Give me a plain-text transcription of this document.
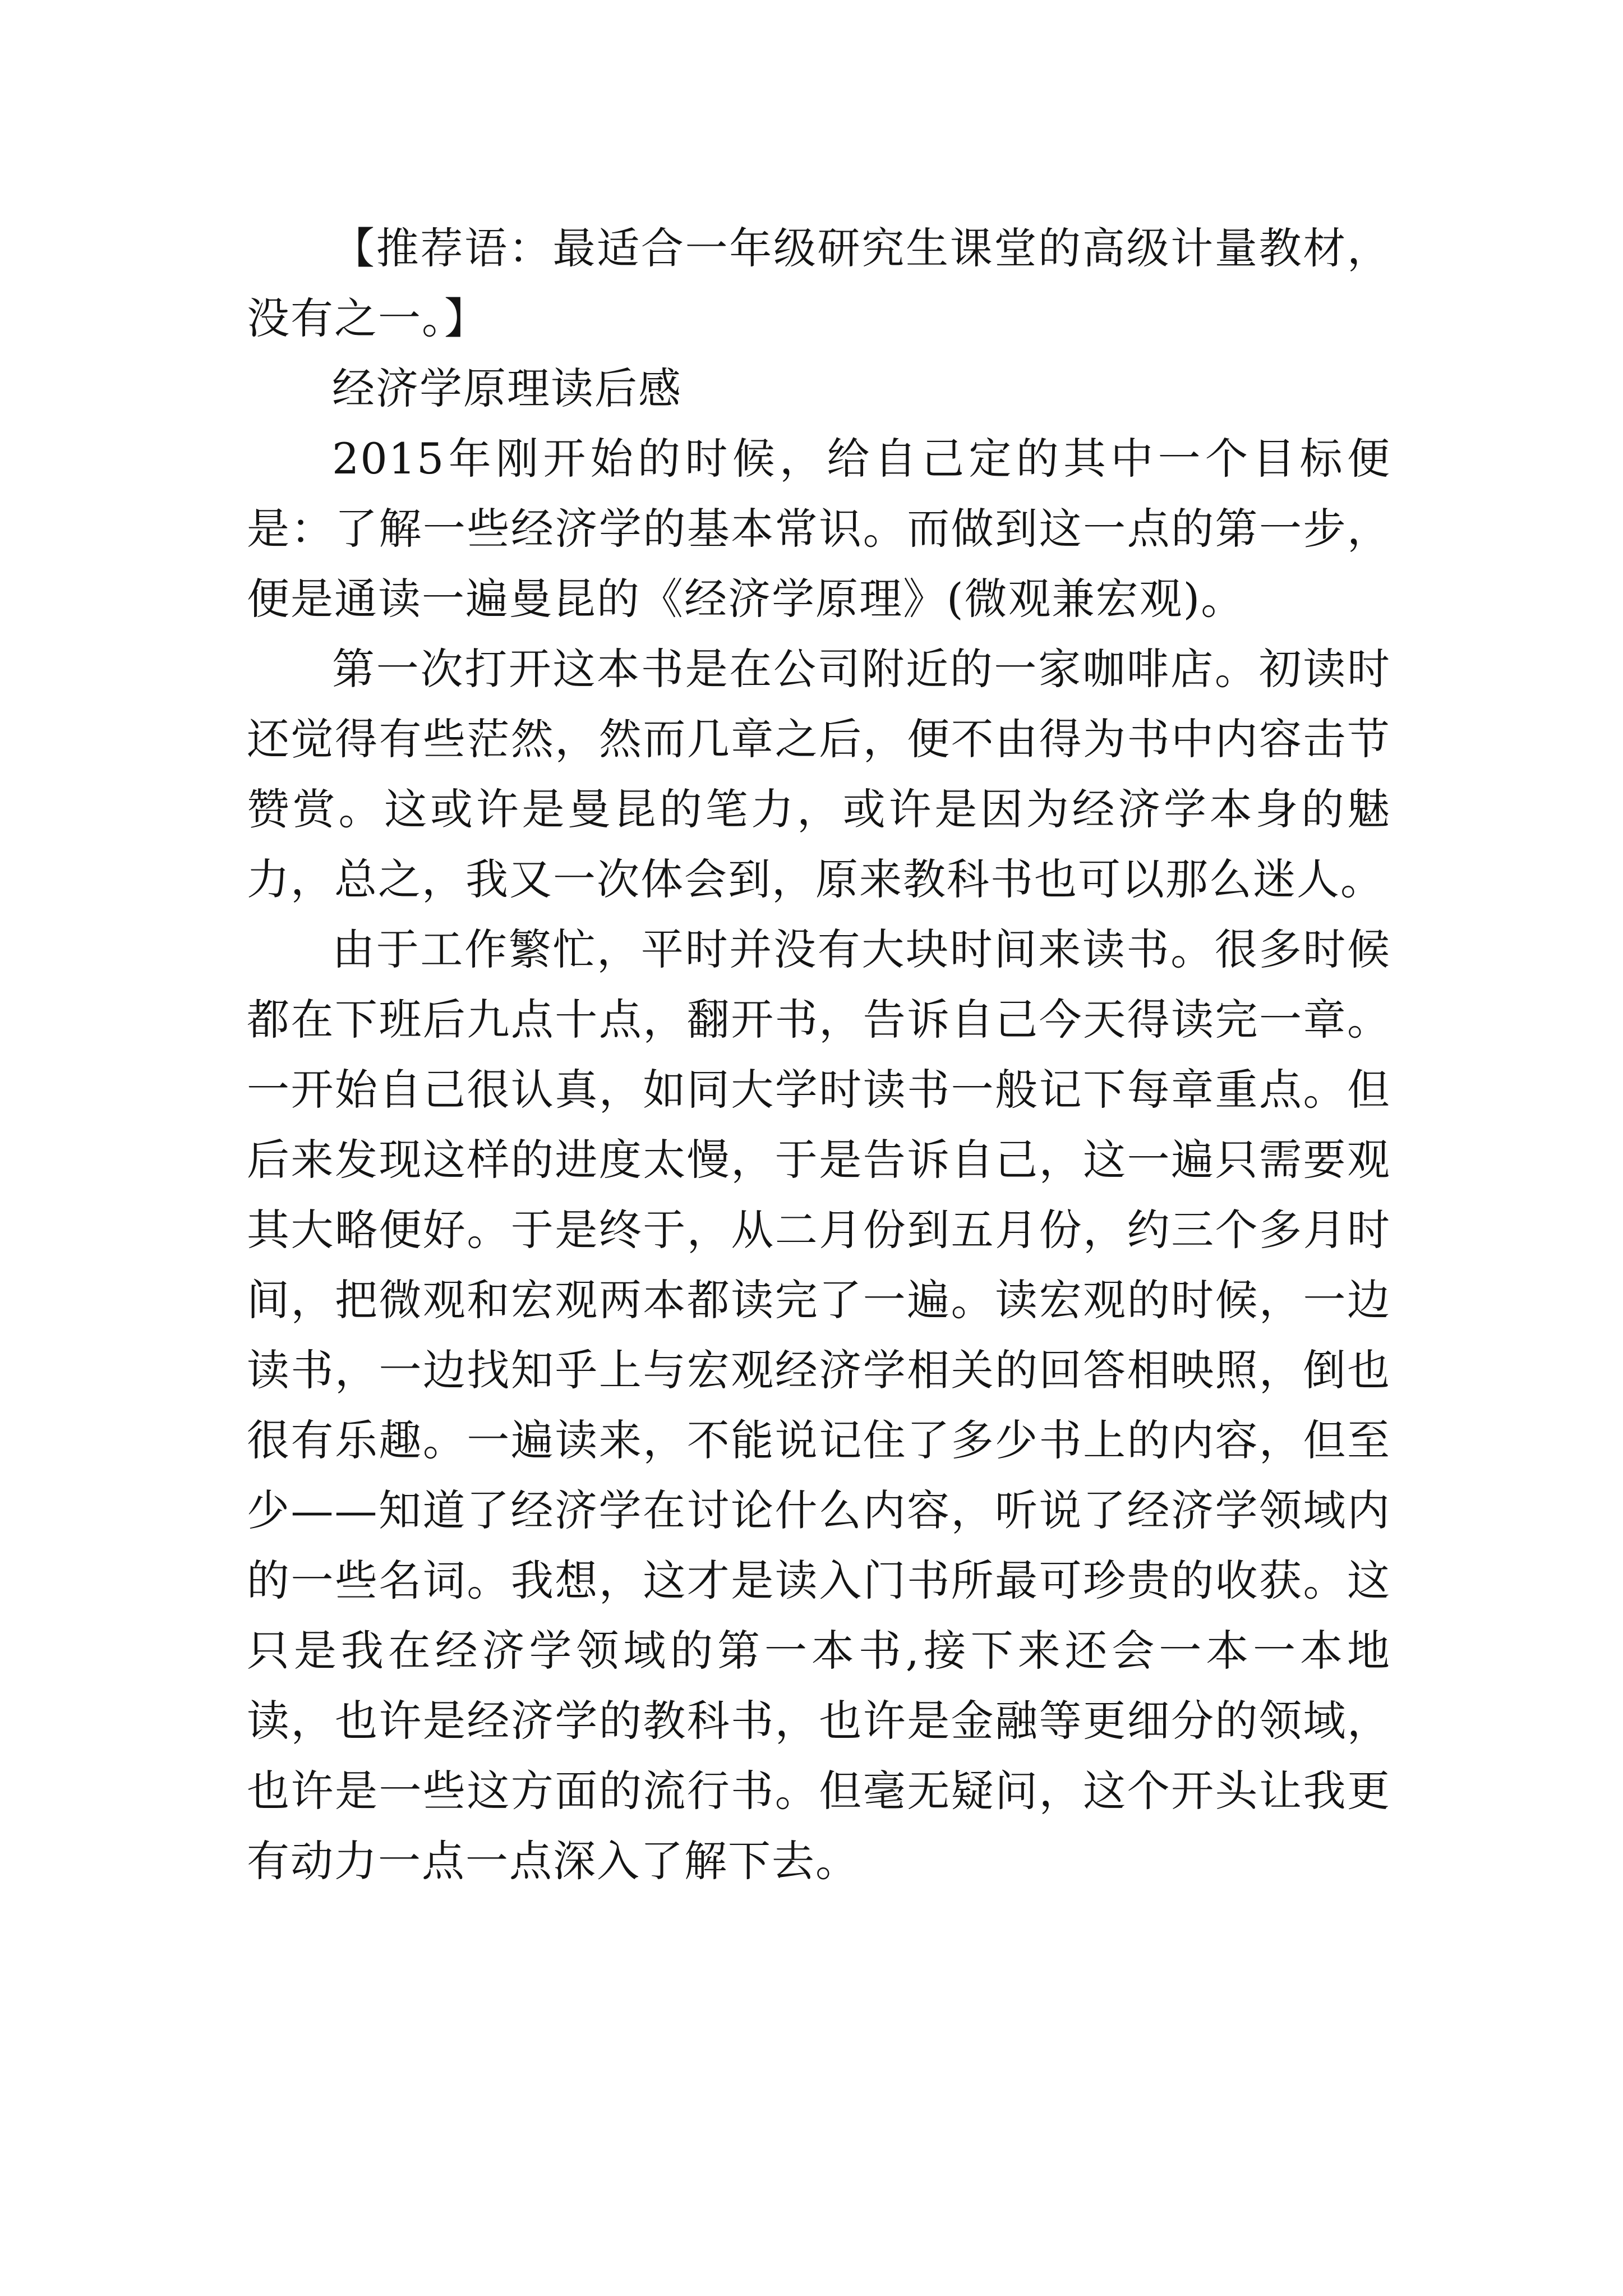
【推荐语：最适合一年级研究生课堂的高级计量教材，没有之一。】

经济学原理读后感

2015年刚开始的时候，给自己定的其中一个目标便是：了解一些经济学的基本常识。而做到这一点的第一步，便是通读一遍曼昆的《经济学原理》(微观兼宏观)。

第一次打开这本书是在公司附近的一家咖啡店。初读时还觉得有些茫然，然而几章之后，便不由得为书中内容击节赞赏。这或许是曼昆的笔力，或许是因为经济学本身的魅力，总之，我又一次体会到，原来教科书也可以那么迷人。

由于工作繁忙，平时并没有大块时间来读书。很多时候都在下班后九点十点，翻开书，告诉自己今天得读完一章。一开始自己很认真，如同大学时读书一般记下每章重点。但后来发现这样的进度太慢，于是告诉自己，这一遍只需要观其大略便好。于是终于，从二月份到五月份，约三个多月时间，把微观和宏观两本都读完了一遍。读宏观的时候，一边读书，一边找知乎上与宏观经济学相关的回答相映照，倒也很有乐趣。一遍读来，不能说记住了多少书上的内容，但至少——知道了经济学在讨论什么内容，听说了经济学领域内的一些名词。我想，这才是读入门书所最可珍贵的收获。这只是我在经济学领域的第一本书,接下来还会一本一本地读，也许是经济学的教科书，也许是金融等更细分的领域，也许是一些这方面的流行书。但毫无疑问，这个开头让我更有动力一点一点深入了解下去。
